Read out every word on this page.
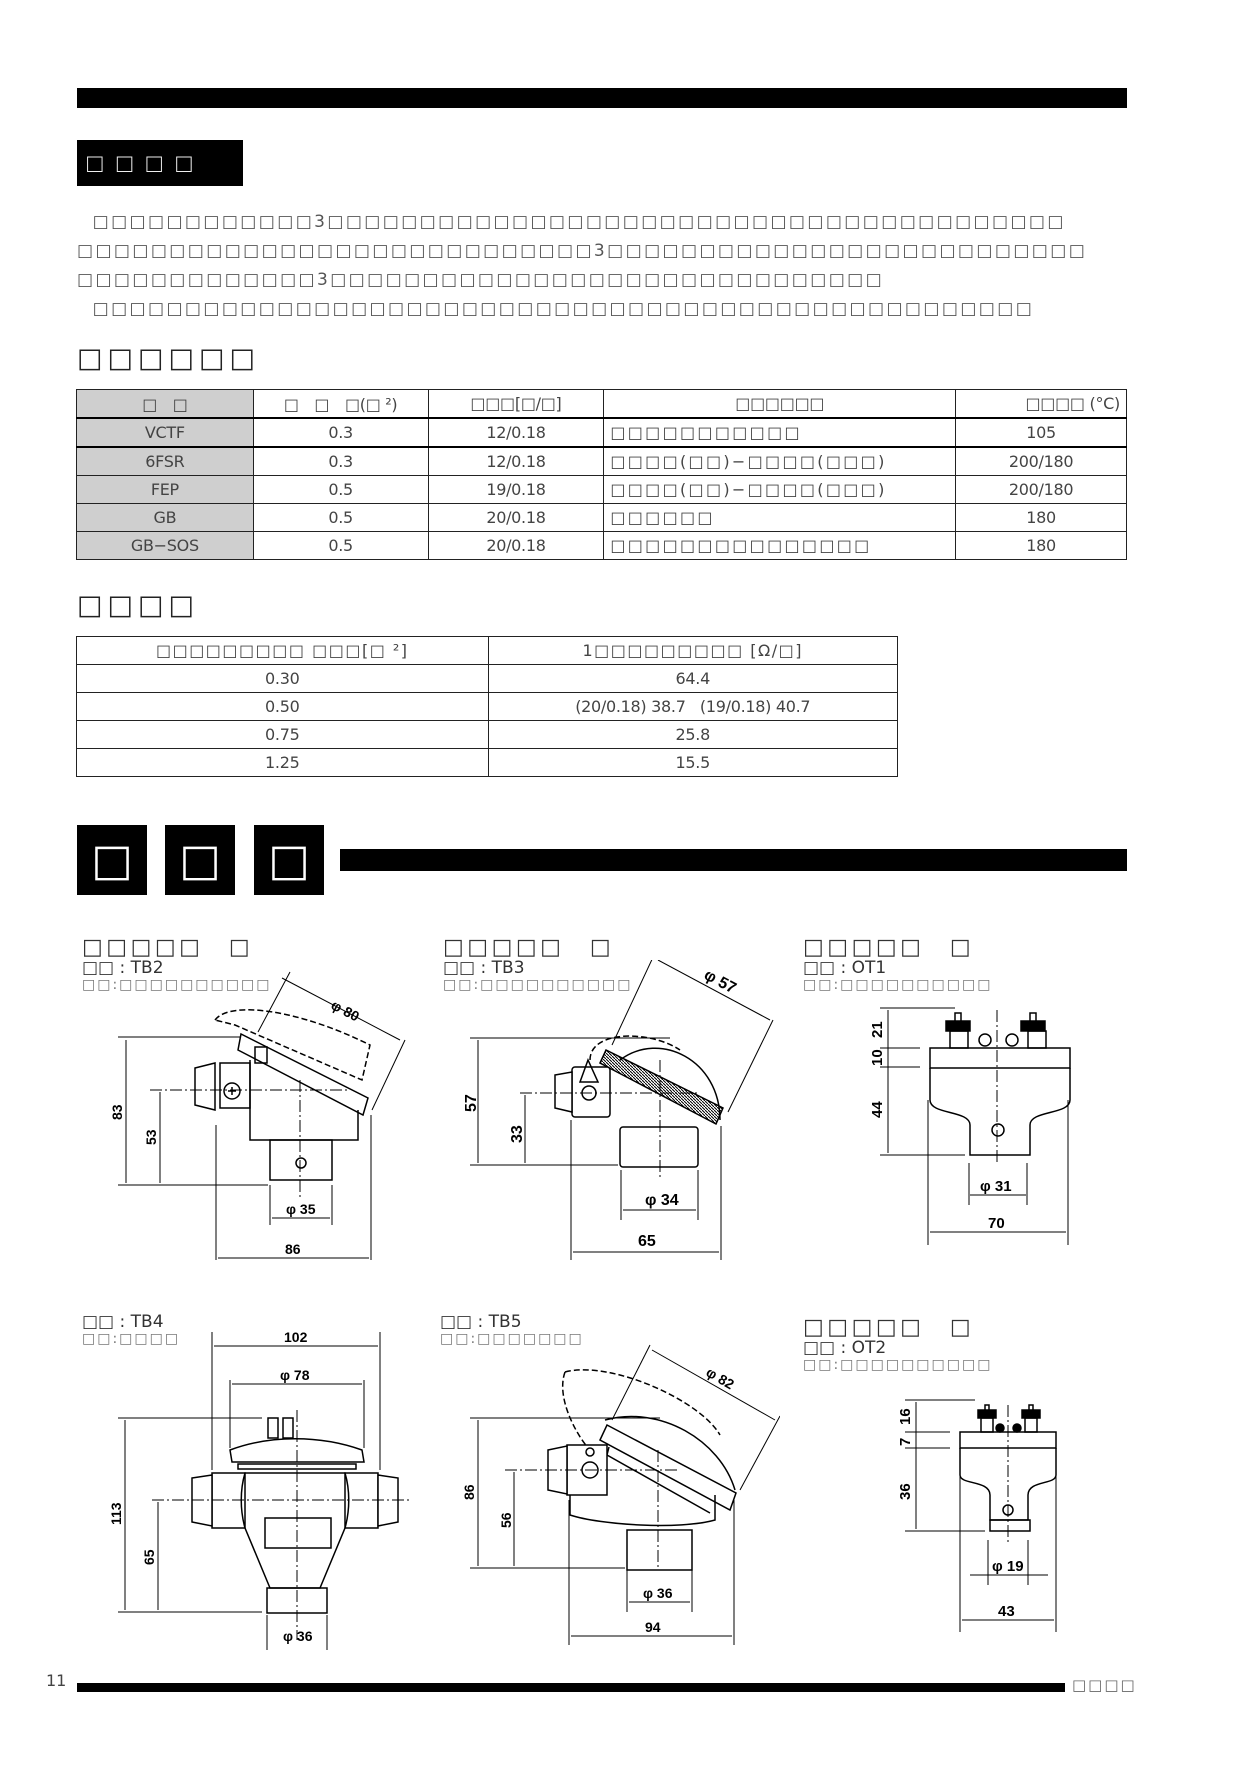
□□□□
□□□□□□□□□□□□3□□□□□□□□□□□□□□□□□□□□□□□□□□□□□□□□□□□□□□□□
□□□□□□□□□□□□□□□□□□□□□□□□□□□□3□□□□□□□□□□□□□□□□□□□□□□□□□□
□□□□□□□□□□□□□3□□□□□□□□□□□□□□□□□□□□□□□□□□□□□□
□□□□□□□□□□□□□□□□□□□□□□□□□□□□□□□□□□□□□□□□□□□□□□□□□□□
□□□□□□
□　□	□　□　□(□ ²)	□□□[□/□]	□□□□□□	□□□□ (°C)
VCTF	0.3	12/0.18	□□□□□□□□□□□	105
6FSR	0.3	12/0.18	□□□□(□□)−□□□□(□□□)	200/180
FEP	0.5	19/0.18	□□□□(□□)−□□□□(□□□)	200/180
GB	0.5	20/0.18	□□□□□□	180
GB−SOS	0.5	20/0.18	□□□□□□□□□□□□□□□	180
□□□□
□□□□□□□□□ □□□[□ ²]	1□□□□□□□□□ [Ω/□]
0.30	64.4
0.50	(20/0.18) 38.7   (19/0.18) 40.7
0.75	25.8
1.25	15.5
□ □ □
□□□□□　□
□□ : TB2
□□:□□□□□□□□□□
φ 80
83
53
φ 35
86
□□□□□　□
□□ : TB3
□□:□□□□□□□□□□	φ 57
57
33
φ 34
65
□□□□□　□
□□ : OT1
□□:□□□□□□□□□□
21
10
44
φ 31
70
□□ : TB4
□□:□□□□	102
φ 78
113
65
φ 36
□□ : TB5
□□:□□□□□□□
φ 82
86
56
φ 36
94
□□□□□　□
□□ : OT2
□□:□□□□□□□□□□
16
7
36
φ 19
43
11	□□□□
